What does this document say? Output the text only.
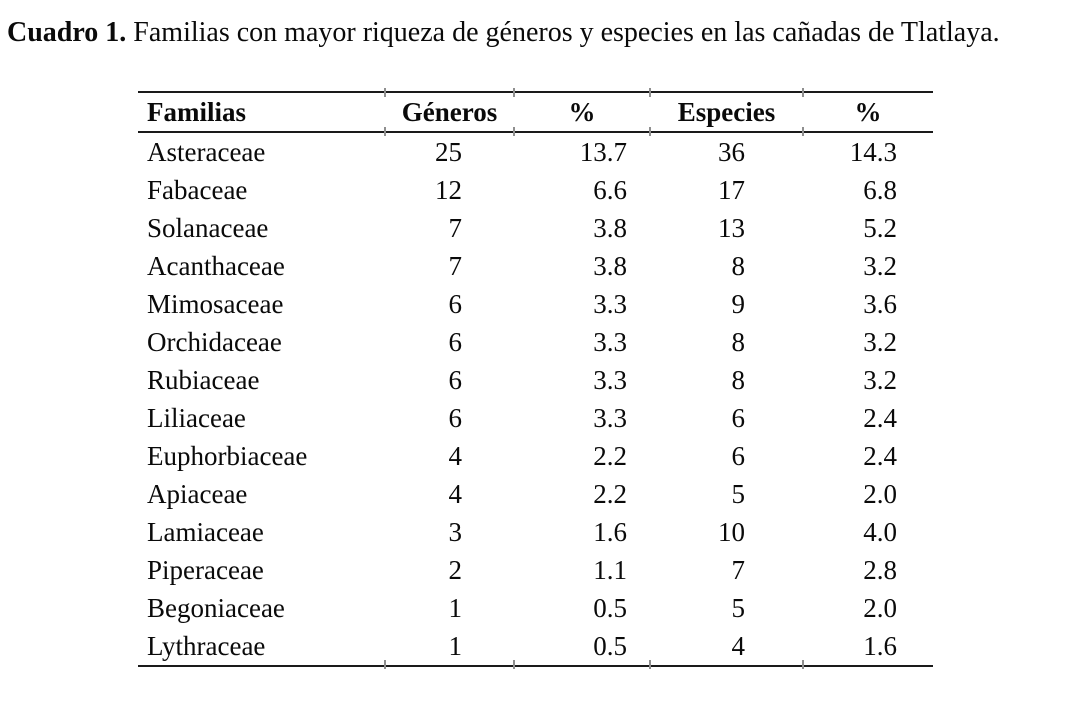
Cuadro 1. Familias con mayor riqueza de géneros y especies en las cañadas de Tlatlaya.
Familias	Géneros	%	Especies	%
Asteraceae	25	13.7	36	14.3
Fabaceae	12	6.6	17	6.8
Solanaceae	7	3.8	13	5.2
Acanthaceae	7	3.8	8	3.2
Mimosaceae	6	3.3	9	3.6
Orchidaceae	6	3.3	8	3.2
Rubiaceae	6	3.3	8	3.2
Liliaceae	6	3.3	6	2.4
Euphorbiaceae	4	2.2	6	2.4
Apiaceae	4	2.2	5	2.0
Lamiaceae	3	1.6	10	4.0
Piperaceae	2	1.1	7	2.8
Begoniaceae	1	0.5	5	2.0
Lythraceae	1	0.5	4	1.6
